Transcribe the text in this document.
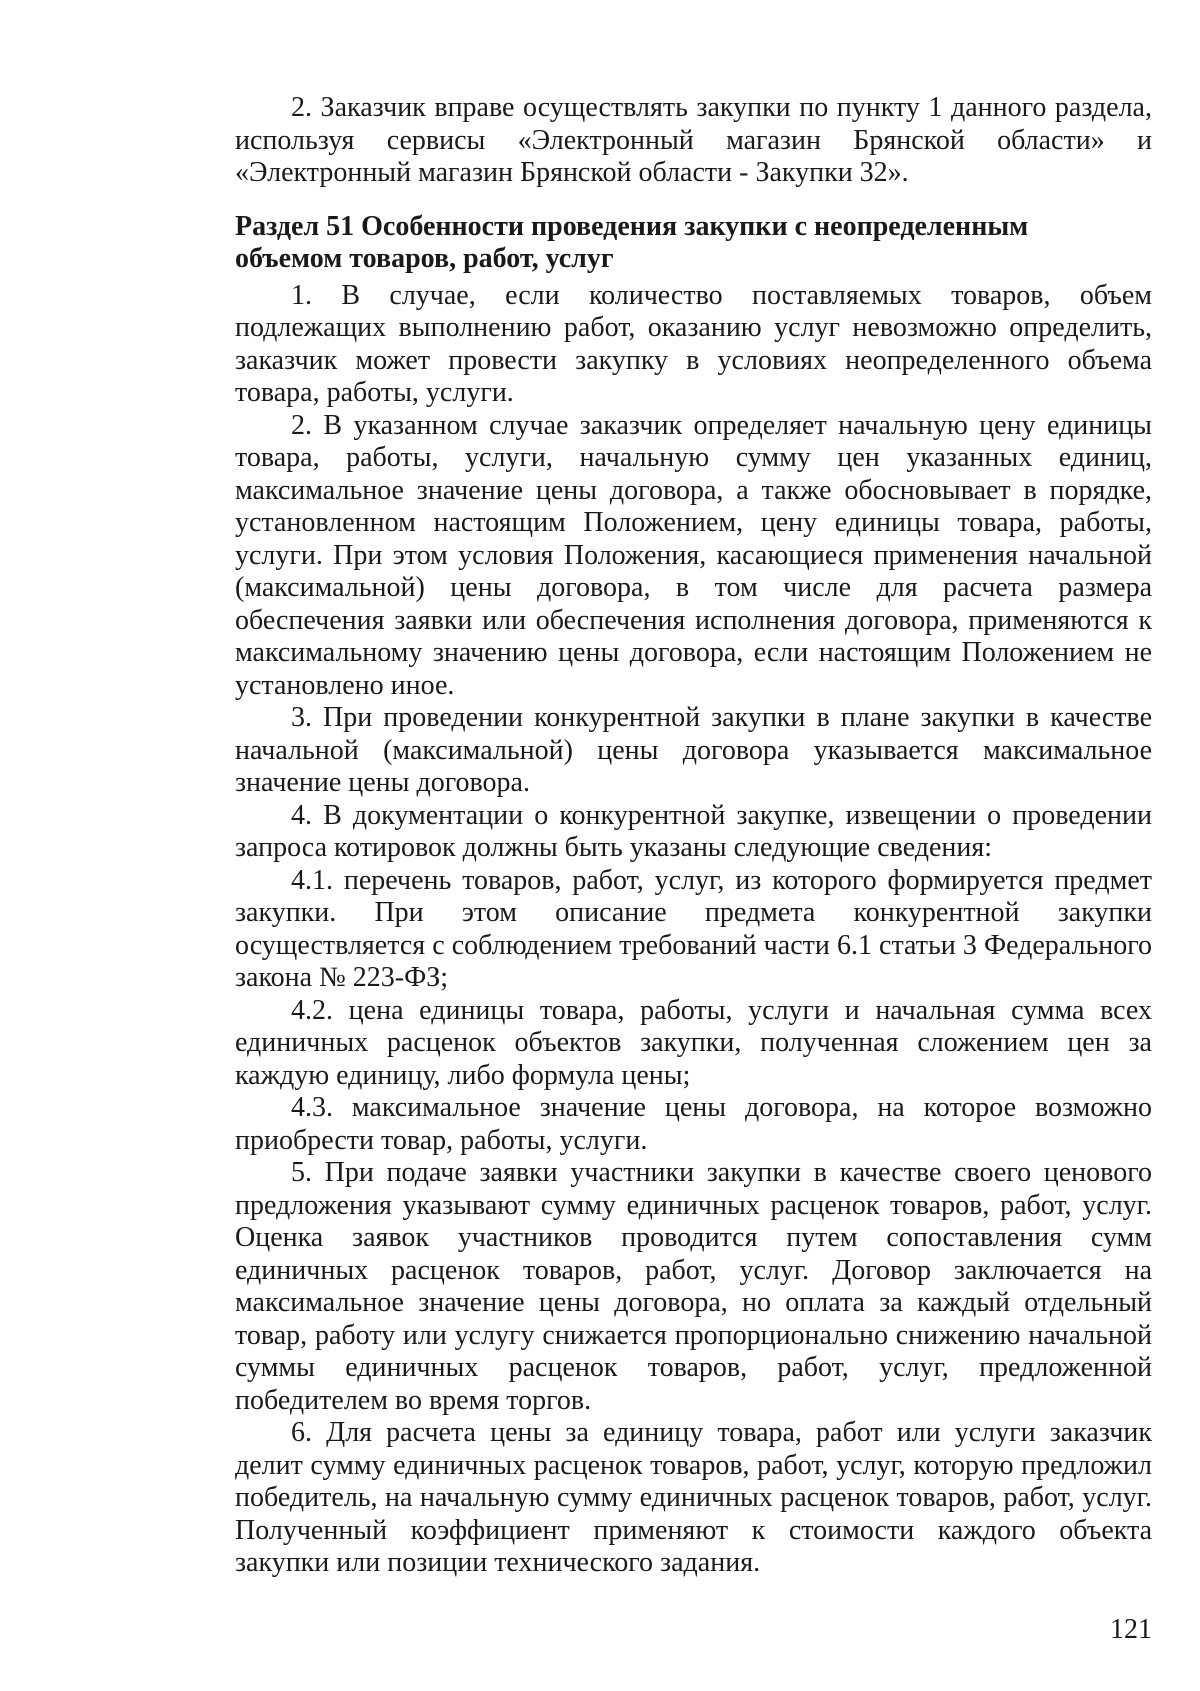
2. Заказчик вправе осуществлять закупки по пункту 1 данного раздела, используя сервисы «Электронный магазин Брянской области» и «Электронный магазин Брянской области - Закупки 32».

Раздел 51 Особенности проведения закупки с неопределенным объемом товаров, работ, услуг

1. В случае, если количество поставляемых товаров, объем подлежащих выполнению работ, оказанию услуг невозможно определить, заказчик может провести закупку в условиях неопределенного объема товара, работы, услуги.

2. В указанном случае заказчик определяет начальную цену единицы товара, работы, услуги, начальную сумму цен указанных единиц, максимальное значение цены договора, а также обосновывает в порядке, установленном настоящим Положением, цену единицы товара, работы, услуги. При этом условия Положения, касающиеся применения начальной (максимальной) цены договора, в том числе для расчета размера обеспечения заявки или обеспечения исполнения договора, применяются к максимальному значению цены договора, если настоящим Положением не установлено иное.

3. При проведении конкурентной закупки в плане закупки в качестве начальной (максимальной) цены договора указывается максимальное значение цены договора.

4. В документации о конкурентной закупке, извещении о проведении запроса котировок должны быть указаны следующие сведения:

4.1. перечень товаров, работ, услуг, из которого формируется предмет закупки. При этом описание предмета конкурентной закупки осуществляется с соблюдением требований части 6.1 статьи 3 Федерального закона № 223-ФЗ;

4.2. цена единицы товара, работы, услуги и начальная сумма всех единичных расценок объектов закупки, полученная сложением цен за каждую единицу, либо формула цены;

4.3. максимальное значение цены договора, на которое возможно приобрести товар, работы, услуги.

5. При подаче заявки участники закупки в качестве своего ценового предложения указывают сумму единичных расценок товаров, работ, услуг. Оценка заявок участников проводится путем сопоставления сумм единичных расценок товаров, работ, услуг. Договор заключается на максимальное значение цены договора, но оплата за каждый отдельный товар, работу или услугу снижается пропорционально снижению начальной суммы единичных расценок товаров, работ, услуг, предложенной победителем во время торгов.

6. Для расчета цены за единицу товара, работ или услуги заказчик делит сумму единичных расценок товаров, работ, услуг, которую предложил победитель, на начальную сумму единичных расценок товаров, работ, услуг. Полученный коэффициент применяют к стоимости каждого объекта закупки или позиции технического задания.

121
